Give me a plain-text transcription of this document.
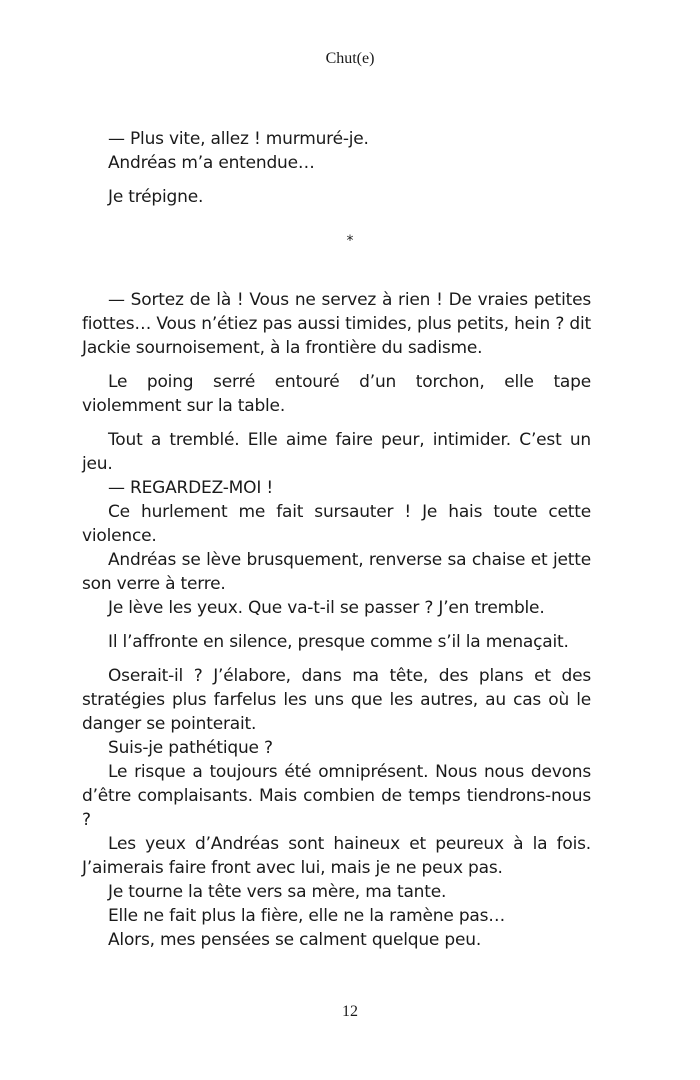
Chut(e)

— Plus vite, allez ! murmuré-je.

Andréas m’a entendue…

Je trépigne.

*

— Sortez de là ! Vous ne servez à rien ! De vraies petites fiottes… Vous n’étiez pas aussi timides, plus petits, hein ? dit Jackie sournoisement, à la frontière du sadisme.

Le poing serré entouré d’un torchon, elle tape violemment sur la table.

Tout a tremblé. Elle aime faire peur, intimider. C’est un jeu.

— REGARDEZ-MOI !

Ce hurlement me fait sursauter ! Je hais toute cette violence.

Andréas se lève brusquement, renverse sa chaise et jette son verre à terre.

Je lève les yeux. Que va-t-il se passer ? J’en tremble.

Il l’affronte en silence, presque comme s’il la menaçait.

Oserait-il ? J’élabore, dans ma tête, des plans et des stratégies plus farfelus les uns que les autres, au cas où le danger se pointerait.

Suis-je pathétique ?

Le risque a toujours été omniprésent. Nous nous devons d’être complaisants. Mais combien de temps tiendrons-nous ?

Les yeux d’Andréas sont haineux et peureux à la fois. J’aimerais faire front avec lui, mais je ne peux pas.

Je tourne la tête vers sa mère, ma tante.

Elle ne fait plus la fière, elle ne la ramène pas…

Alors, mes pensées se calment quelque peu.

12
